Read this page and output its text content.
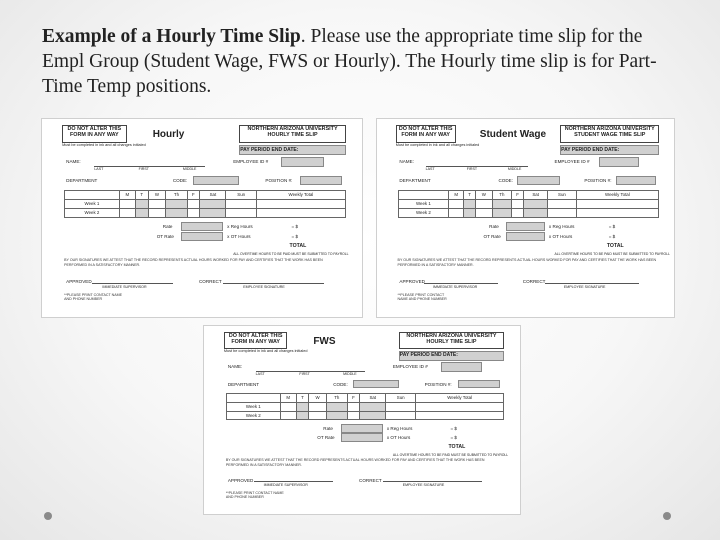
Example of a Hourly Time Slip. Please use the appropriate time slip for the Empl Group (Student Wage, FWS or Hourly). The Hourly time slip is for Part-Time Temp positions.
DO NOT ALTER THIS FORM IN ANY WAY
Must be completed in ink and all changes initialed
Hourly
NORTHERN ARIZONA UNIVERSITY
HOURLY TIME SLIP
PAY PERIOD END DATE:
NAME:
LAST	FIRST	MIDDLE
EMPLOYEE ID #
DEPARTMENT	CODE:	POSITION #:
	M	T	W	Th	F	Sat	Sun	Weekly Total
Week 1								
Week 2								
Rate	x Reg Hours	= $
OT Rate	x OT Hours	= $
TOTAL
ALL OVERTIME HOURS TO BE PAID MUST BE SUBMITTED TO PAYROLL
BY OUR SIGNATURES WE ATTEST THAT THE RECORD REPRESENTS ACTUAL HOURS WORKED FOR PAY AND CERTIFIES THAT THE WORK HAS BEEN PERFORMED IN A SATISFACTORY MANNER.
APPROVED
IMMEDIATE SUPERVISOR
CORRECT
EMPLOYEE SIGNATURE
**PLEASE PRINT CONTACT NAME AND PHONE NUMBER
DO NOT ALTER THIS FORM IN ANY WAY
Must be completed in ink and all changes initialed
Student Wage
NORTHERN ARIZONA UNIVERSITY
STUDENT WAGE TIME SLIP
PAY PERIOD END DATE:
NAME:
LAST	FIRST	MIDDLE
EMPLOYEE ID #
DEPARTMENT	CODE:	POSITION #:
	M	T	W	Th	F	Sat	Sun	Weekly Total
Week 1								
Week 2								
Rate	x Reg Hours	= $
OT Rate	x OT Hours	= $
TOTAL
ALL OVERTIME HOURS TO BE PAID MUST BE SUBMITTED TO PAYROLL
BY OUR SIGNATURES WE ATTEST THAT THE RECORD REPRESENTS ACTUAL HOURS WORKED FOR PAY AND CERTIFIES THAT THE WORK HAS BEEN PERFORMED IN A SATISFACTORY MANNER.
APPROVED
IMMEDIATE SUPERVISOR
CORRECT
EMPLOYEE SIGNATURE
**PLEASE PRINT CONTACT NAME AND PHONE NUMBER
DO NOT ALTER THIS FORM IN ANY WAY
Must be completed in ink and all changes initialed
FWS	NORTHERN ARIZONA UNIVERSITY
HOURLY TIME SLIP
PAY PERIOD END DATE:
NAME:
LAST	FIRST	MIDDLE
EMPLOYEE ID #
DEPARTMENT	CODE:	POSITION #:
	M	T	W	Th	F	Sat	Sun	Weekly Total
Week 1								
Week 2								
Rate	x Reg Hours	= $
OT Rate	x OT Hours	= $
TOTAL
ALL OVERTIME HOURS TO BE PAID MUST BE SUBMITTED TO PAYROLL
BY OUR SIGNATURES WE ATTEST THAT THE RECORD REPRESENTS ACTUAL HOURS WORKED FOR PAY AND CERTIFIES THAT THE WORK HAS BEEN PERFORMED IN A SATISFACTORY MANNER.
APPROVED
IMMEDIATE SUPERVISOR
CORRECT
EMPLOYEE SIGNATURE
**PLEASE PRINT CONTACT NAME AND PHONE NUMBER
